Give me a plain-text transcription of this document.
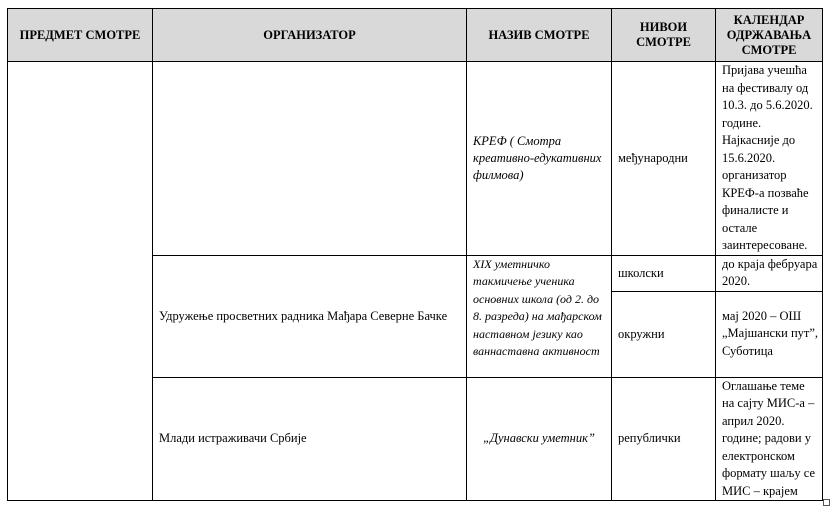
ПРЕДМЕТ СМОТРЕ	ОРГАНИЗАТОР	НАЗИВ СМОТРЕ	НИВОИ СМОТРЕ	КАЛЕНДАР ОДРЖАВАЊА СМОТРЕ
		КРЕФ ( Смотра креативно-едукативних филмова)	међународни	Пријава учешћа на фестивалу од 10.3. до 5.6.2020. године. Најкасније до 15.6.2020. организатор КРЕФ-а позваће финалисте и остале заинтересоване.
	Удружење просветних радника Мађара Северне Бачке	XIX уметничко такмичење ученика основних школа (од 2. до 8. разреда) на мађарском наставном језику као ваннаставна активност	школски	до краја фебруара 2020.
			окружни	мај 2020 – ОШ „Мајшански пут”, Суботица
	Млади истраживачи Србије	„Дунавски уметник”	републички	Оглашање теме на сајту МИС-а – април 2020. године; радови у електронском формату шаљу се МИС – крајем
